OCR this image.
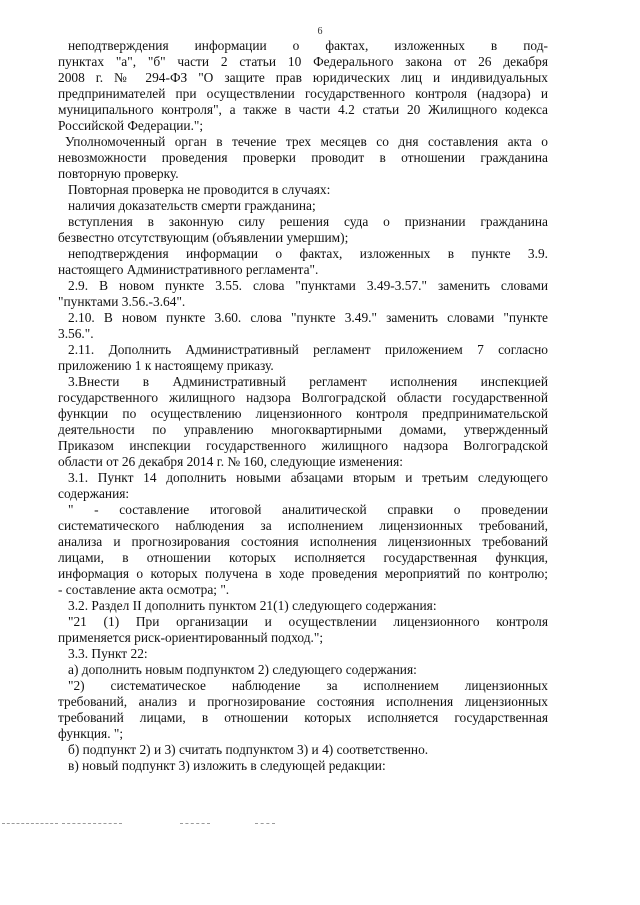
6
неподтверждения информации о фактах, изложенных в под-
пунктах "а", "б" части 2 статьи 10 Федерального закона от 26 декабря
2008 г. № 294-ФЗ "О защите прав юридических лиц и индивидуальных
предпринимателей при осуществлении государственного контроля (надзора) и
муниципального контроля", а также в части 4.2 статьи 20 Жилищного кодекса
Российской Федерации.";
Уполномоченный орган в течение трех месяцев со дня составления акта о
невозможности проведения проверки проводит в отношении гражданина
повторную проверку.
Повторная проверка не проводится в случаях:
наличия доказательств смерти гражданина;
вступления в законную силу решения суда о признании гражданина
безвестно отсутствующим (объявлении умершим);
неподтверждения информации о фактах, изложенных в пункте 3.9.
настоящего Административного регламента".
2.9. В новом пункте 3.55. слова "пунктами 3.49-3.57." заменить словами
"пунктами 3.56.-3.64".
2.10. В новом пункте 3.60. слова "пункте 3.49." заменить словами "пункте
3.56.".
2.11. Дополнить Административный регламент приложением 7 согласно
приложению 1 к настоящему приказу.
3.Внести в Административный регламент исполнения инспекцией
государственного жилищного надзора Волгоградской области государственной
функции по осуществлению лицензионного контроля предпринимательской
деятельности по управлению многоквартирными домами, утвержденный
Приказом инспекции государственного жилищного надзора Волгоградской
области от 26 декабря 2014 г. № 160, следующие изменения:
3.1. Пункт 14 дополнить новыми абзацами вторым и третьим следующего
содержания:
" - составление итоговой аналитической справки о проведении
систематического наблюдения за исполнением лицензионных требований,
анализа и прогнозирования состояния исполнения лицензионных требований
лицами, в отношении которых исполняется государственная функция,
информация о которых получена в ходе проведения мероприятий по контролю;
- составление акта осмотра; ".
3.2. Раздел II дополнить пунктом 21(1) следующего содержания:
"21 (1) При организации и осуществлении лицензионного контроля
применяется риск-ориентированный подход.";
3.3. Пункт 22:
а) дополнить новым подпунктом 2) следующего содержания:
"2) систематическое наблюдение за исполнением лицензионных
требований, анализ и прогнозирование состояния исполнения лицензионных
требований лицами, в отношении которых исполняется государственная
функция. ";
б) подпункт 2) и 3) считать подпунктом 3) и 4) соответственно.
в) новый подпункт 3) изложить в следующей редакции:
